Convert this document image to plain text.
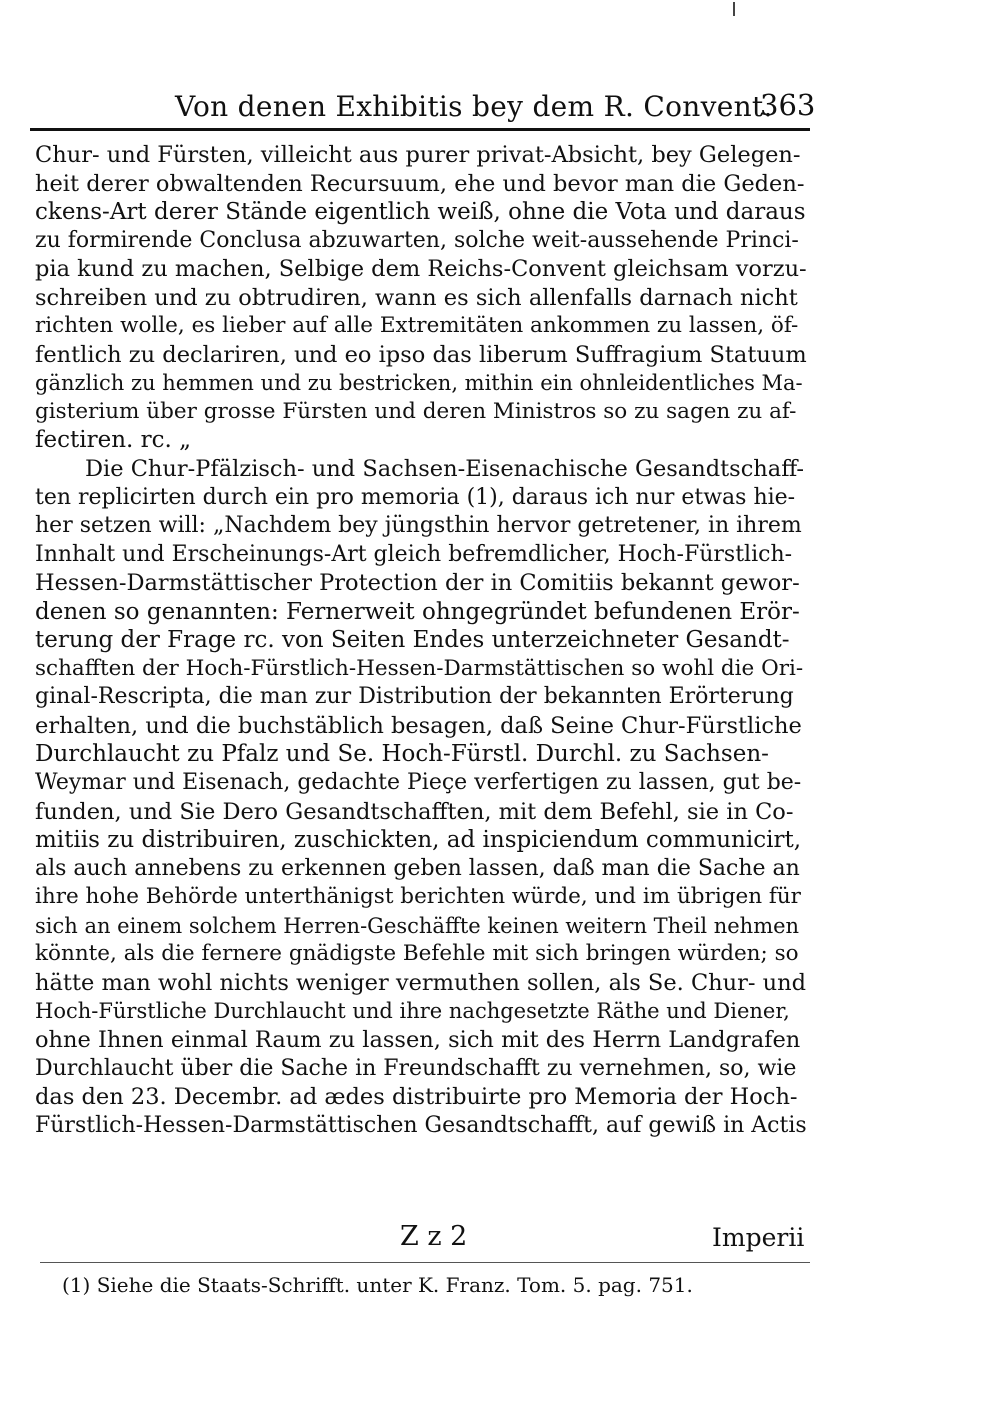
Von denen Exhibitis bey dem R. Convent.
363
Chur- und Fürsten, villeicht aus purer privat-Absicht, bey Gelegen-
heit derer obwaltenden Recursuum, ehe und bevor man die Geden-
ckens-Art derer Stände eigentlich weiß, ohne die Vota und daraus
zu formirende Conclusa abzuwarten, solche weit-aussehende Princi-
pia kund zu machen, Selbige dem Reichs-Convent gleichsam vorzu-
schreiben und zu obtrudiren, wann es sich allenfalls darnach nicht
richten wolle, es lieber auf alle Extremitäten ankommen zu lassen, öf-
fentlich zu declariren, und eo ipso das liberum Suffragium Statuum
gänzlich zu hemmen und zu bestricken, mithin ein ohnleidentliches Ma-
gisterium über grosse Fürsten und deren Ministros so zu sagen zu af-
fectiren. rc. „
Die Chur-Pfälzisch- und Sachsen-Eisenachische Gesandtschaff-
ten replicirten durch ein pro memoria (1), daraus ich nur etwas hie-
her setzen will: „Nachdem bey jüngsthin hervor getretener, in ihrem
Innhalt und Erscheinungs-Art gleich befremdlicher, Hoch-Fürstlich-
Hessen-Darmstättischer Protection der in Comitiis bekannt gewor-
denen so genannten: Fernerweit ohngegründet befundenen Erör-
terung der Frage rc. von Seiten Endes unterzeichneter Gesandt-
schafften der Hoch-Fürstlich-Hessen-Darmstättischen so wohl die Ori-
ginal-Rescripta, die man zur Distribution der bekannten Erörterung
erhalten, und die buchstäblich besagen, daß Seine Chur-Fürstliche
Durchlaucht zu Pfalz und Se. Hoch-Fürstl. Durchl. zu Sachsen-
Weymar und Eisenach, gedachte Pieçe verfertigen zu lassen, gut be-
funden, und Sie Dero Gesandtschafften, mit dem Befehl, sie in Co-
mitiis zu distribuiren, zuschickten, ad inspiciendum communicirt,
als auch annebens zu erkennen geben lassen, daß man die Sache an
ihre hohe Behörde unterthänigst berichten würde, und im übrigen für
sich an einem solchem Herren-Geschäffte keinen weitern Theil nehmen
könnte, als die fernere gnädigste Befehle mit sich bringen würden; so
hätte man wohl nichts weniger vermuthen sollen, als Se. Chur- und
Hoch-Fürstliche Durchlaucht und ihre nachgesetzte Räthe und Diener,
ohne Ihnen einmal Raum zu lassen, sich mit des Herrn Landgrafen
Durchlaucht über die Sache in Freundschafft zu vernehmen, so, wie
das den 23. Decembr. ad ædes distribuirte pro Memoria der Hoch-
Fürstlich-Hessen-Darmstättischen Gesandtschafft, auf gewiß in Actis
Z z 2	Imperii
(1) Siehe die Staats-Schrifft. unter K. Franz. Tom. 5. pag. 751.
